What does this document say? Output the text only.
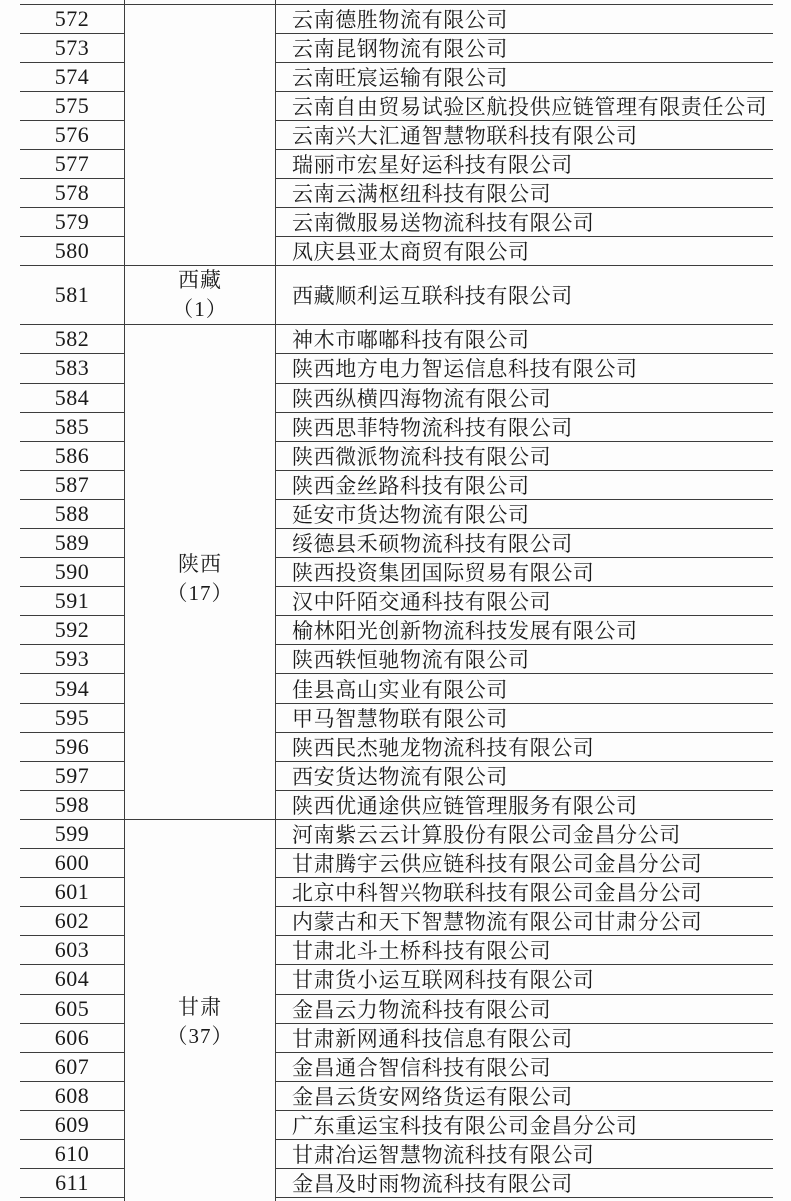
572
573
574
575
576
577
578
579
580
云南德胜物流有限公司
云南昆钢物流有限公司
云南旺宸运输有限公司
云南自由贸易试验区航投供应链管理有限责任公司
云南兴大汇通智慧物联科技有限公司
瑞丽市宏星好运科技有限公司
云南云满枢纽科技有限公司
云南微服易送物流科技有限公司
凤庆县亚太商贸有限公司
581
西藏
（1）
西藏顺利运互联科技有限公司
582
583
584
585
586
587
588
589
590
591
592
593
594
595
596
597
598
陕西
（17）
神木市嘟嘟科技有限公司
陕西地方电力智运信息科技有限公司
陕西纵横四海物流有限公司
陕西思菲特物流科技有限公司
陕西微派物流科技有限公司
陕西金丝路科技有限公司
延安市货达物流有限公司
绥德县禾硕物流科技有限公司
陕西投资集团国际贸易有限公司
汉中阡陌交通科技有限公司
榆林阳光创新物流科技发展有限公司
陕西轶恒驰物流有限公司
佳县高山实业有限公司
甲马智慧物联有限公司
陕西民杰驰龙物流科技有限公司
西安货达物流有限公司
陕西优通途供应链管理服务有限公司
599
600
601
602
603
604
605
606
607
608
609
610
611
甘肃
（37）
河南紫云云计算股份有限公司金昌分公司
甘肃腾宇云供应链科技有限公司金昌分公司
北京中科智兴物联科技有限公司金昌分公司
内蒙古和天下智慧物流有限公司甘肃分公司
甘肃北斗土桥科技有限公司
甘肃货小运互联网科技有限公司
金昌云力物流科技有限公司
甘肃新网通科技信息有限公司
金昌通合智信科技有限公司
金昌云货安网络货运有限公司
广东重运宝科技有限公司金昌分公司
甘肃冶运智慧物流科技有限公司
金昌及时雨物流科技有限公司
